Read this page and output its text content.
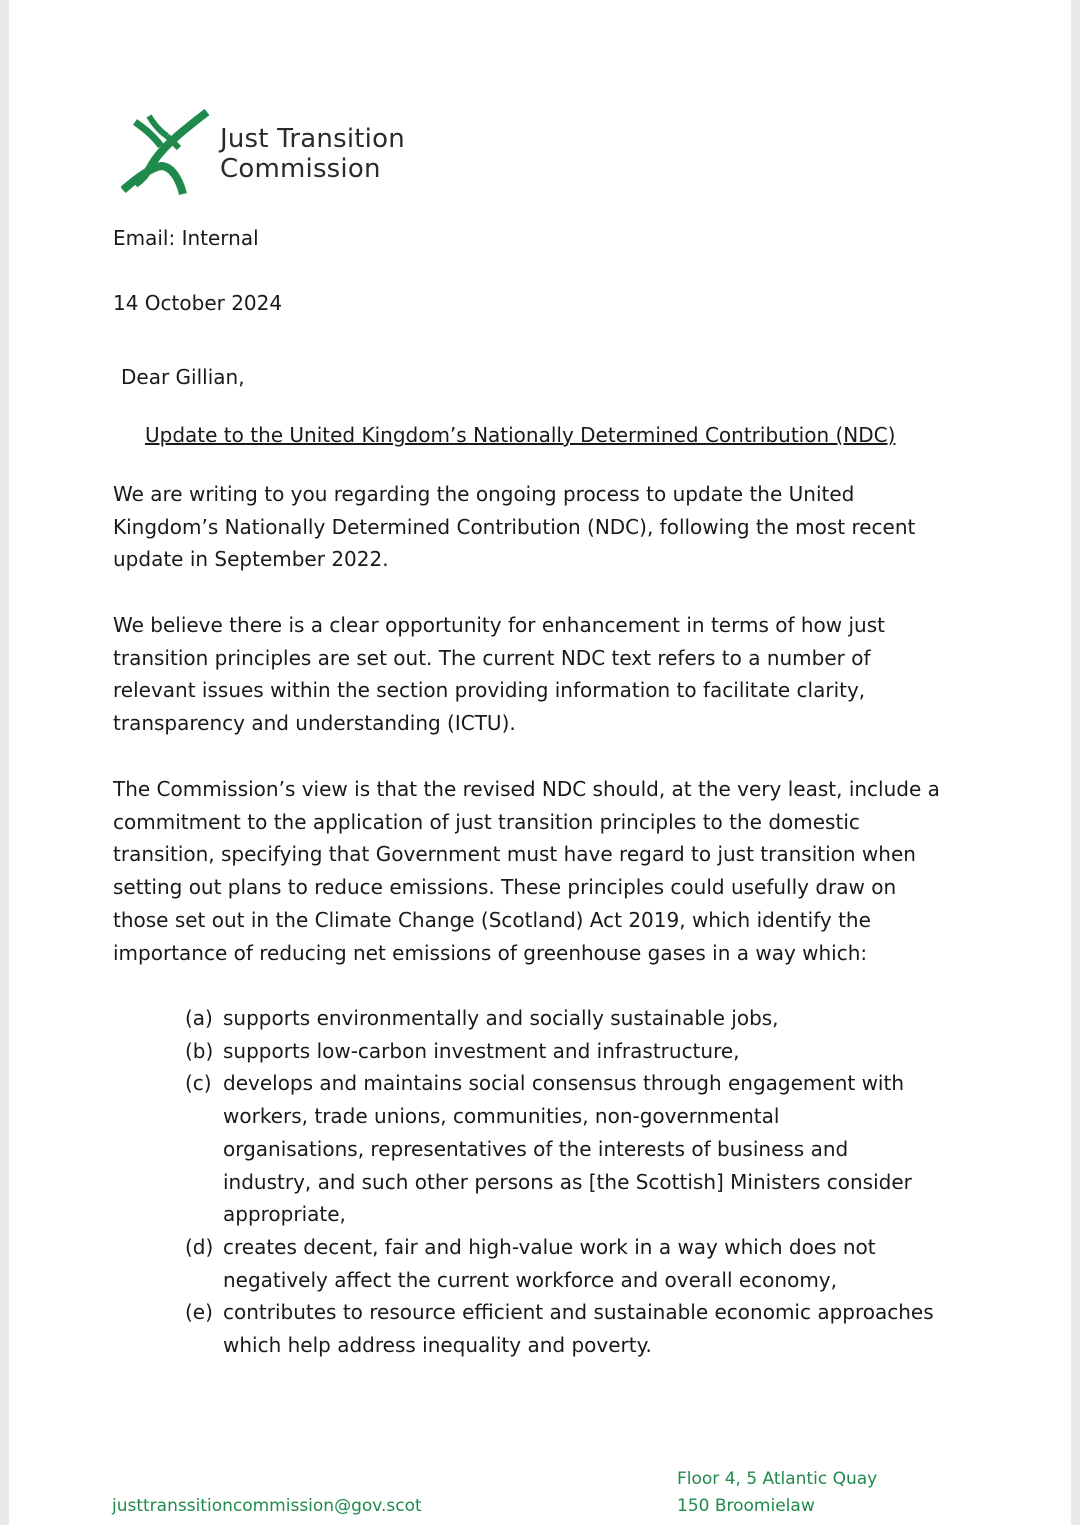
Just Transition
Commission
Email: Internal
14 October 2024
Dear Gillian,
Update to the United Kingdom’s Nationally Determined Contribution (NDC)
We are writing to you regarding the ongoing process to update the United
Kingdom’s Nationally Determined Contribution (NDC), following the most recent
update in September 2022.
We believe there is a clear opportunity for enhancement in terms of how just
transition principles are set out. The current NDC text refers to a number of
relevant issues within the section providing information to facilitate clarity,
transparency and understanding (ICTU).
The Commission’s view is that the revised NDC should, at the very least, include a
commitment to the application of just transition principles to the domestic
transition, specifying that Government must have regard to just transition when
setting out plans to reduce emissions. These principles could usefully draw on
those set out in the Climate Change (Scotland) Act 2019, which identify the
importance of reducing net emissions of greenhouse gases in a way which:
(a) supports environmentally and socially sustainable jobs,
(b) supports low-carbon investment and infrastructure,
(c) develops and maintains social consensus through engagement with
workers, trade unions, communities, non-governmental
organisations, representatives of the interests of business and
industry, and such other persons as [the Scottish] Ministers consider
appropriate,
(d) creates decent, fair and high-value work in a way which does not
negatively affect the current workforce and overall economy,
(e) contributes to resource efficient and sustainable economic approaches
which help address inequality and poverty.
justtranssitioncommission@gov.scot
Floor 4, 5 Atlantic Quay
150 Broomielaw
